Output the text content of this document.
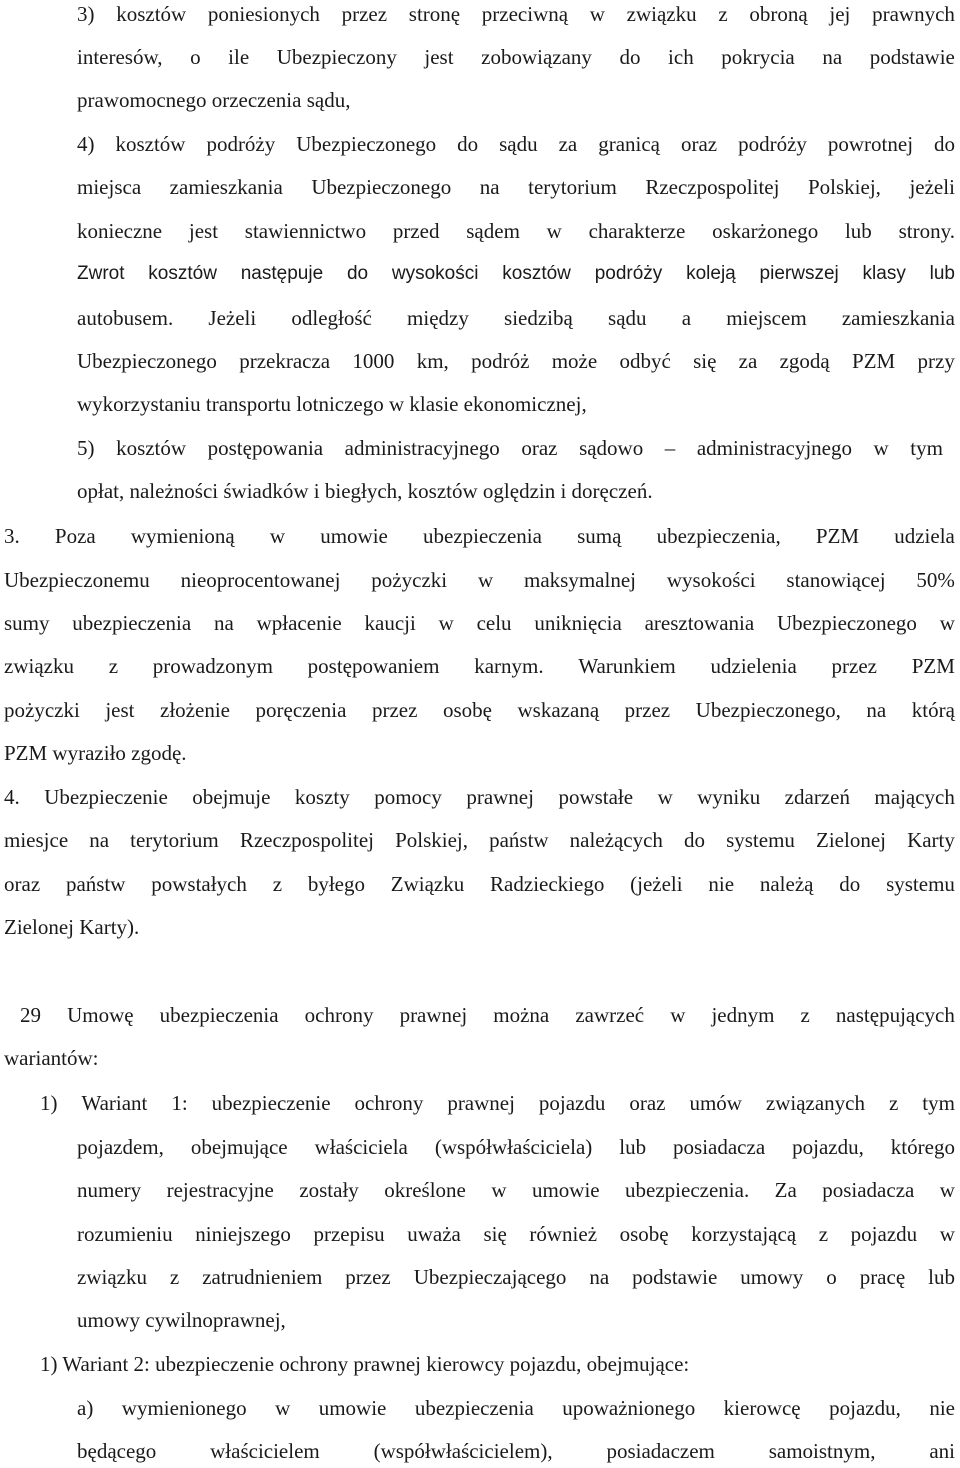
3) kosztów poniesionych przez stronę przeciwną w związku z obroną jej prawnych
interesów, o ile Ubezpieczony jest zobowiązany do ich pokrycia na podstawie
prawomocnego orzeczenia sądu,
4) kosztów podróży Ubezpieczonego do sądu za granicą oraz podróży powrotnej do
miejsca zamieszkania Ubezpieczonego na terytorium Rzeczpospolitej Polskiej, jeżeli
konieczne jest stawiennictwo przed sądem w charakterze oskarżonego lub strony.
Zwrot kosztów następuje do wysokości kosztów podróży koleją pierwszej klasy lub
autobusem. Jeżeli odległość między siedzibą sądu a miejscem zamieszkania
Ubezpieczonego przekracza 1000 km, podróż może odbyć się za zgodą PZM przy
wykorzystaniu transportu lotniczego w klasie ekonomicznej,
5) kosztów postępowania administracyjnego oraz sądowo – administracyjnego w tym
opłat, należności świadków i biegłych, kosztów oględzin i doręczeń.
3. Poza wymienioną w umowie ubezpieczenia sumą ubezpieczenia, PZM udziela
Ubezpieczonemu nieoprocentowanej pożyczki w maksymalnej wysokości stanowiącej 50%
sumy ubezpieczenia na wpłacenie kaucji w celu uniknięcia aresztowania Ubezpieczonego w
związku z prowadzonym postępowaniem karnym. Warunkiem udzielenia przez PZM
pożyczki jest złożenie poręczenia przez osobę wskazaną przez Ubezpieczonego, na którą
PZM wyraziło zgodę.
4. Ubezpieczenie obejmuje koszty pomocy prawnej powstałe w wyniku zdarzeń mających
miesjce na terytorium Rzeczpospolitej Polskiej, państw należących do systemu Zielonej Karty
oraz państw powstałych z byłego Związku Radzieckiego (jeżeli nie należą do systemu
Zielonej Karty).
29 Umowę ubezpieczenia ochrony prawnej można zawrzeć w jednym z następujących
wariantów:
1) Wariant 1: ubezpieczenie ochrony prawnej pojazdu oraz umów związanych z tym
pojazdem, obejmujące właściciela (współwłaściciela) lub posiadacza pojazdu, którego
numery rejestracyjne zostały określone w umowie ubezpieczenia. Za posiadacza w
rozumieniu niniejszego przepisu uważa się również osobę korzystającą z pojazdu w
związku z zatrudnieniem przez Ubezpieczającego na podstawie umowy o pracę lub
umowy cywilnoprawnej,
1) Wariant 2: ubezpieczenie ochrony prawnej kierowcy pojazdu, obejmujące:
a) wymienionego w umowie ubezpieczenia upoważnionego kierowcę pojazdu, nie
będącego	właścicielem	(współwłaścicielem),	posiadaczem	samoistnym,	ani
